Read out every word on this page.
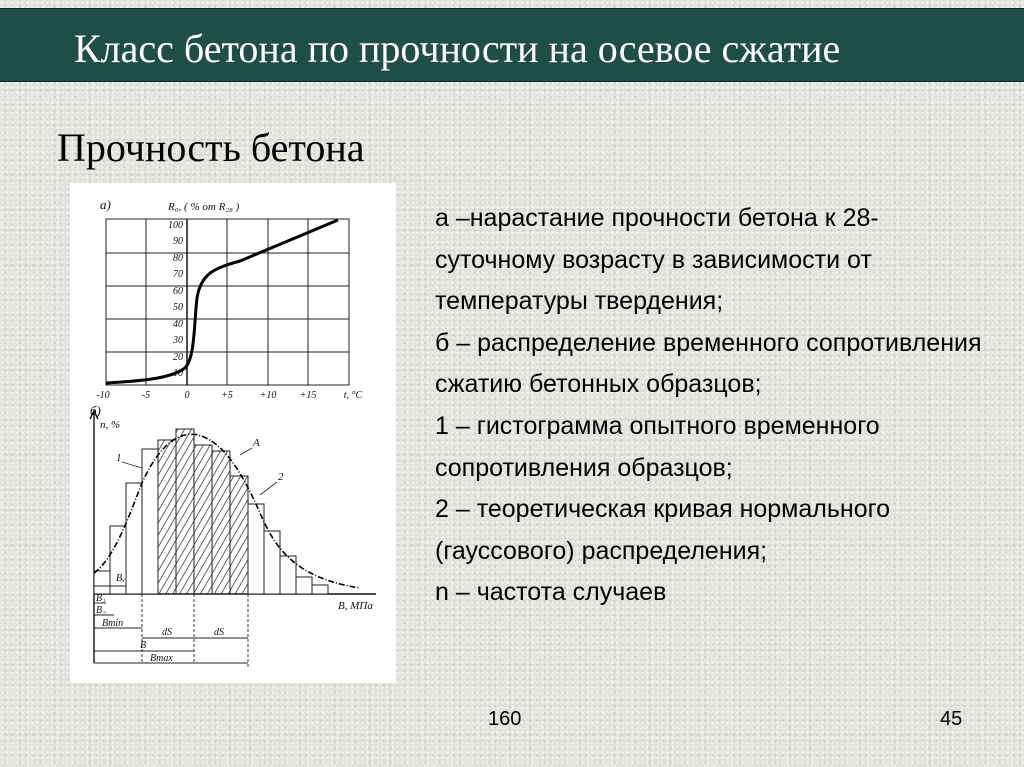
Класс бетона по прочности на осевое сжатие
Прочность бетона
а)	R₀, ( % от R₂₈ )
100
90
80
70
60
50
40
30
20
10
-10	-5	0	+5	+10 +15	t, °C
б)
n, %
1
A
2
B, МПа
Bₓ
B₁
B₂
Bmin
dS	dS
B
Bmax
а –нарастание прочности бетона к 28-суточному возрасту в зависимости от температуры твердения;
б – распределение временного сопротивления сжатию бетонных образцов;
1 – гистограмма опытного временного сопротивления образцов;
2 – теоретическая кривая нормального (гауссового) распределения;
n – частота случаев
160	45
